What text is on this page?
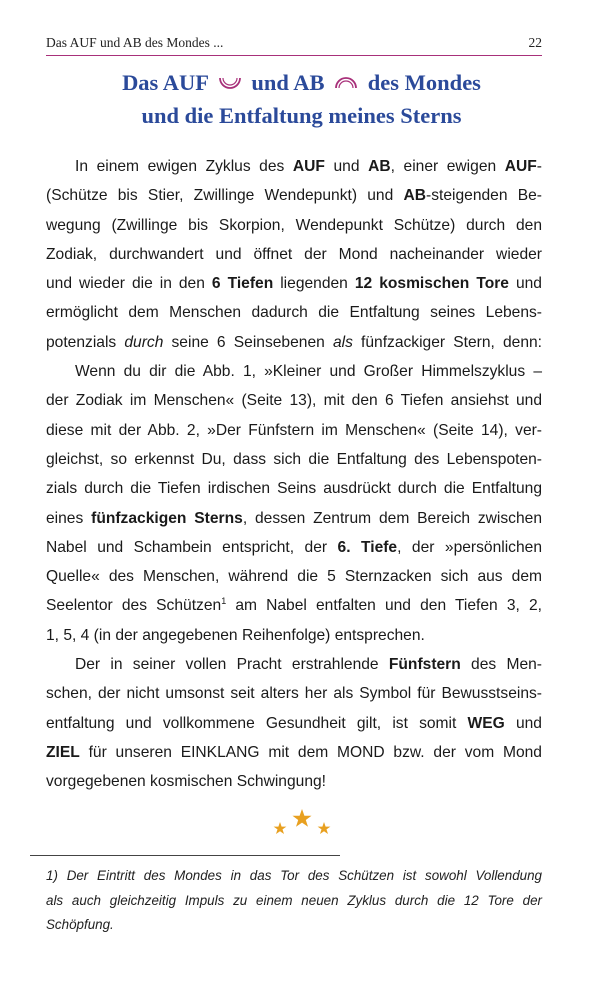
Das AUF und AB des Mondes ...	22
Das AUF und AB des Mondes
und die Entfaltung meines Sterns
In einem ewigen Zyklus des AUF und AB, einer ewigen AUF-
(Schütze bis Stier, Zwillinge Wendepunkt) und AB-steigenden Be-
wegung (Zwillinge bis Skorpion, Wendepunkt Schütze) durch den
Zodiak, durchwandert und öffnet der Mond nacheinander wieder
und wieder die in den 6 Tiefen liegenden 12 kosmischen Tore und
ermöglicht dem Menschen dadurch die Entfaltung seines Lebens-
potenzials durch seine 6 Seinsebenen als fünfzackiger Stern, denn:
Wenn du dir die Abb. 1, »Kleiner und Großer Himmelszyklus –
der Zodiak im Menschen« (Seite 13), mit den 6 Tiefen ansiehst und
diese mit der Abb. 2, »Der Fünfstern im Menschen« (Seite 14), ver-
gleichst, so erkennst Du, dass sich die Entfaltung des Lebenspoten-
zials durch die Tiefen irdischen Seins ausdrückt durch die Entfaltung
eines fünfzackigen Sterns, dessen Zentrum dem Bereich zwischen
Nabel und Schambein entspricht, der 6. Tiefe, der »persönlichen
Quelle« des Menschen, während die 5 Sternzacken sich aus dem
Seelentor des Schützen$^1$ am Nabel entfalten und den Tiefen 3, 2,
1, 5, 4 (in der angegebenen Reihenfolge) entsprechen.
Der in seiner vollen Pracht erstrahlende Fünfstern des Men-
schen, der nicht umsonst seit alters her als Symbol für Bewusstseins-
entfaltung und vollkommene Gesundheit gilt, ist somit WEG und
ZIEL für unseren EINKLANG mit dem MOND bzw. der vom Mond
vorgegebenen kosmischen Schwingung!
1) Der Eintritt des Mondes in das Tor des Schützen ist sowohl Vollendung
als auch gleichzeitig Impuls zu einem neuen Zyklus durch die 12 Tore der
Schöpfung.
